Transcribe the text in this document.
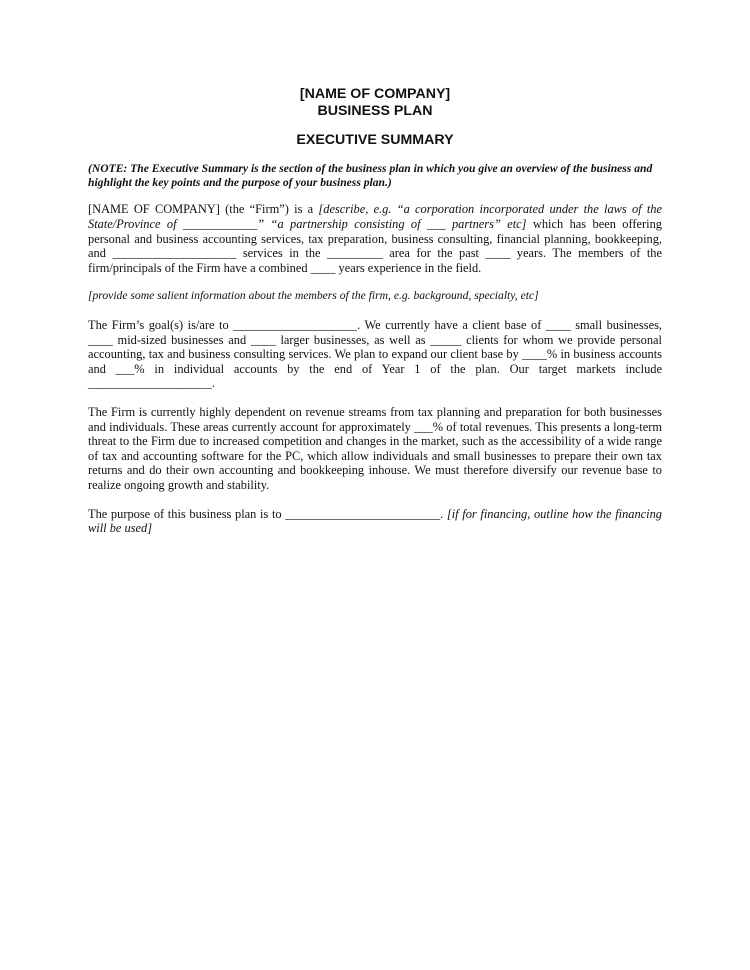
[NAME OF COMPANY]
BUSINESS PLAN
EXECUTIVE SUMMARY

(NOTE: The Executive Summary is the section of the business plan in which you give an overview of the business and highlight the key points and the purpose of your business plan.)

[NAME OF COMPANY] (the “Firm”) is a [describe, e.g. “a corporation incorporated under the laws of the State/Province of ____________” “a partnership consisting of ___ partners” etc] which has been offering personal and business accounting services, tax preparation, business consulting, financial planning, bookkeeping, and ____________________ services in the _________ area for the past ____ years. The members of the firm/principals of the Firm have a combined ____ years experience in the field.

[provide some salient information about the members of the firm, e.g. background, specialty, etc]

The Firm’s goal(s) is/are to ____________________. We currently have a client base of ____ small businesses, ____ mid-sized businesses and ____ larger businesses, as well as _____ clients for whom we provide personal accounting, tax and business consulting services. We plan to expand our client base by ____% in business accounts and ___% in individual accounts by the end of Year 1 of the plan. Our target markets include ____________________.

The Firm is currently highly dependent on revenue streams from tax planning and preparation for both businesses and individuals. These areas currently account for approximately ___% of total revenues. This presents a long-term threat to the Firm due to increased competition and changes in the market, such as the accessibility of a wide range of tax and accounting software for the PC, which allow individuals and small businesses to prepare their own tax returns and do their own accounting and bookkeeping inhouse. We must therefore diversify our revenue base to realize ongoing growth and stability.

The purpose of this business plan is to _________________________. [if for financing, outline how the financing will be used]
